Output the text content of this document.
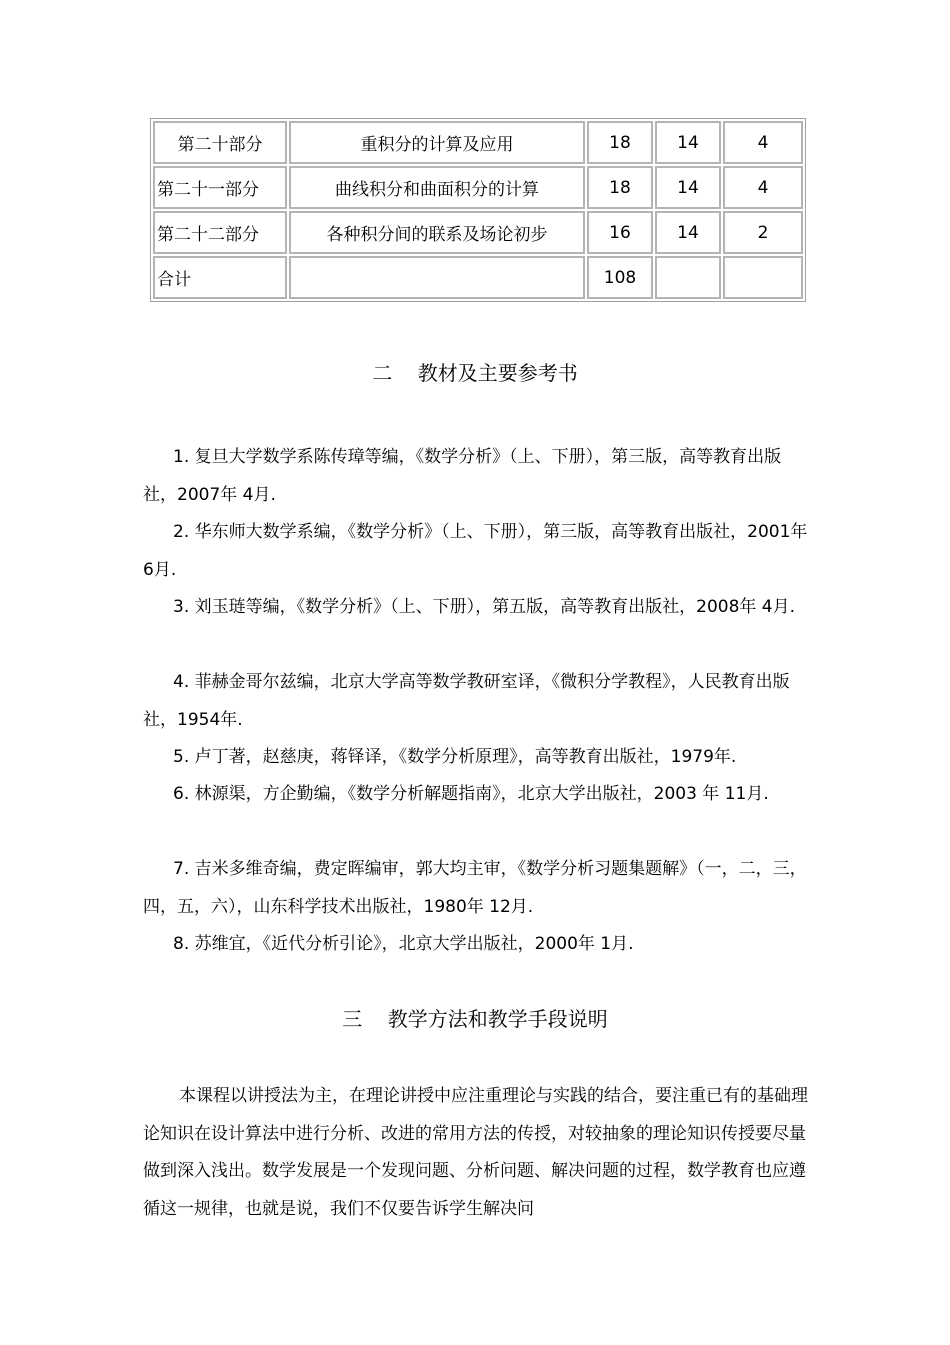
第二十部分	重积分的计算及应用	18	14	4
第二十一部分	曲线积分和曲面积分的计算	18	14	4
第二十二部分	各种积分间的联系及场论初步	16	14	2
合计		108		
二    教材及主要参考书

1. 复旦大学数学系陈传璋等编，《数学分析》（上、下册），第三版，高等教育出版社，2007年 4月.

2. 华东师大数学系编，《数学分析》（上、下册），第三版，高等教育出版社，2001年 6月.

3. 刘玉琏等编，《数学分析》（上、下册），第五版，高等教育出版社，2008年 4月.

4. 菲赫金哥尔兹编，北京大学高等数学教研室译，《微积分学教程》，人民教育出版社，1954年.

5. 卢丁著，赵慈庚，蒋铎译，《数学分析原理》，高等教育出版社，1979年.

6. 林源渠，方企勤编，《数学分析解题指南》，北京大学出版社，2003 年 11月.

7. 吉米多维奇编，费定晖编审，郭大均主审，《数学分析习题集题解》（一，二，三，四，五，六），山东科学技术出版社，1980年 12月.

8. 苏维宜，《近代分析引论》，北京大学出版社，2000年 1月.

三    教学方法和教学手段说明

本课程以讲授法为主，在理论讲授中应注重理论与实践的结合，要注重已有的基础理论知识在设计算法中进行分析、改进的常用方法的传授，对较抽象的理论知识传授要尽量做到深入浅出。数学发展是一个发现问题、分析问题、解决问题的过程，数学教育也应遵循这一规律，也就是说，我们不仅要告诉学生解决问
